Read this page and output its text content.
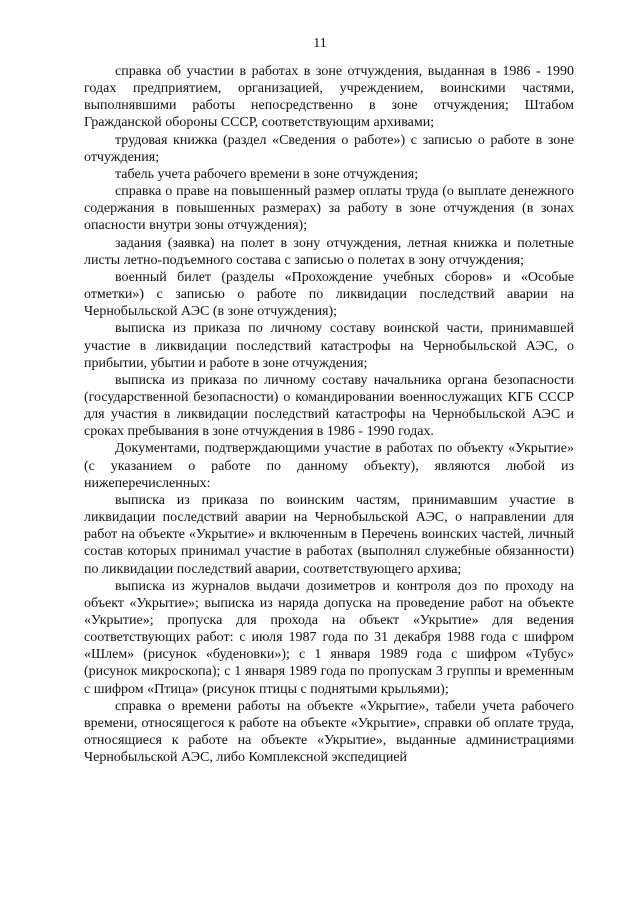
11

справка об участии в работах в зоне отчуждения, выданная в 1986 - 1990 годах предприятием, организацией, учреждением, воинскими частями, выполнявшими работы непосредственно в зоне отчуждения; Штабом Гражданской обороны СССР, соответствующим архивами;

трудовая книжка (раздел «Сведения о работе») с записью о работе в зоне отчуждения;

табель учета рабочего времени в зоне отчуждения;

справка о праве на повышенный размер оплаты труда (о выплате денежного содержания в повышенных размерах) за работу в зоне отчуждения (в зонах опасности внутри зоны отчуждения);

задания (заявка) на полет в зону отчуждения, летная книжка и полетные листы летно-подъемного состава с записью о полетах в зону отчуждения;

военный билет (разделы «Прохождение учебных сборов» и «Особые отметки») с записью о работе по ликвидации последствий аварии на Чернобыльской АЭС (в зоне отчуждения);

выписка из приказа по личному составу воинской части, принимавшей участие в ликвидации последствий катастрофы на Чернобыльской АЭС, о прибытии, убытии и работе в зоне отчуждения;

выписка из приказа по личному составу начальника органа безопасности (государственной безопасности) о командировании военнослужащих КГБ СССР для участия в ликвидации последствий катастрофы на Чернобыльской АЭС и сроках пребывания в зоне отчуждения в 1986 - 1990 годах.

Документами, подтверждающими участие в работах по объекту «Укрытие» (с указанием о работе по данному объекту), являются любой из нижеперечисленных:

выписка из приказа по воинским частям, принимавшим участие в ликвидации последствий аварии на Чернобыльской АЭС, о направлении для работ на объекте «Укрытие» и включенным в Перечень воинских частей, личный состав которых принимал участие в работах (выполнял служебные обязанности) по ликвидации последствий аварии, соответствующего архива;

выписка из журналов выдачи дозиметров и контроля доз по проходу на объект «Укрытие»; выписка из наряда допуска на проведение работ на объекте «Укрытие»; пропуска для прохода на объект «Укрытие» для ведения соответствующих работ: с июля 1987 года по 31 декабря 1988 года с шифром «Шлем» (рисунок «буденовки»); с 1 января 1989 года с шифром «Тубус» (рисунок микроскопа); с 1 января 1989 года по пропускам 3 группы и временным с шифром «Птица» (рисунок птицы с поднятыми крыльями);

справка о времени работы на объекте «Укрытие», табели учета рабочего времени, относящегося к работе на объекте «Укрытие», справки об оплате труда, относящиеся к работе на объекте «Укрытие», выданные администрациями Чернобыльской АЭС, либо Комплексной экспедицией
